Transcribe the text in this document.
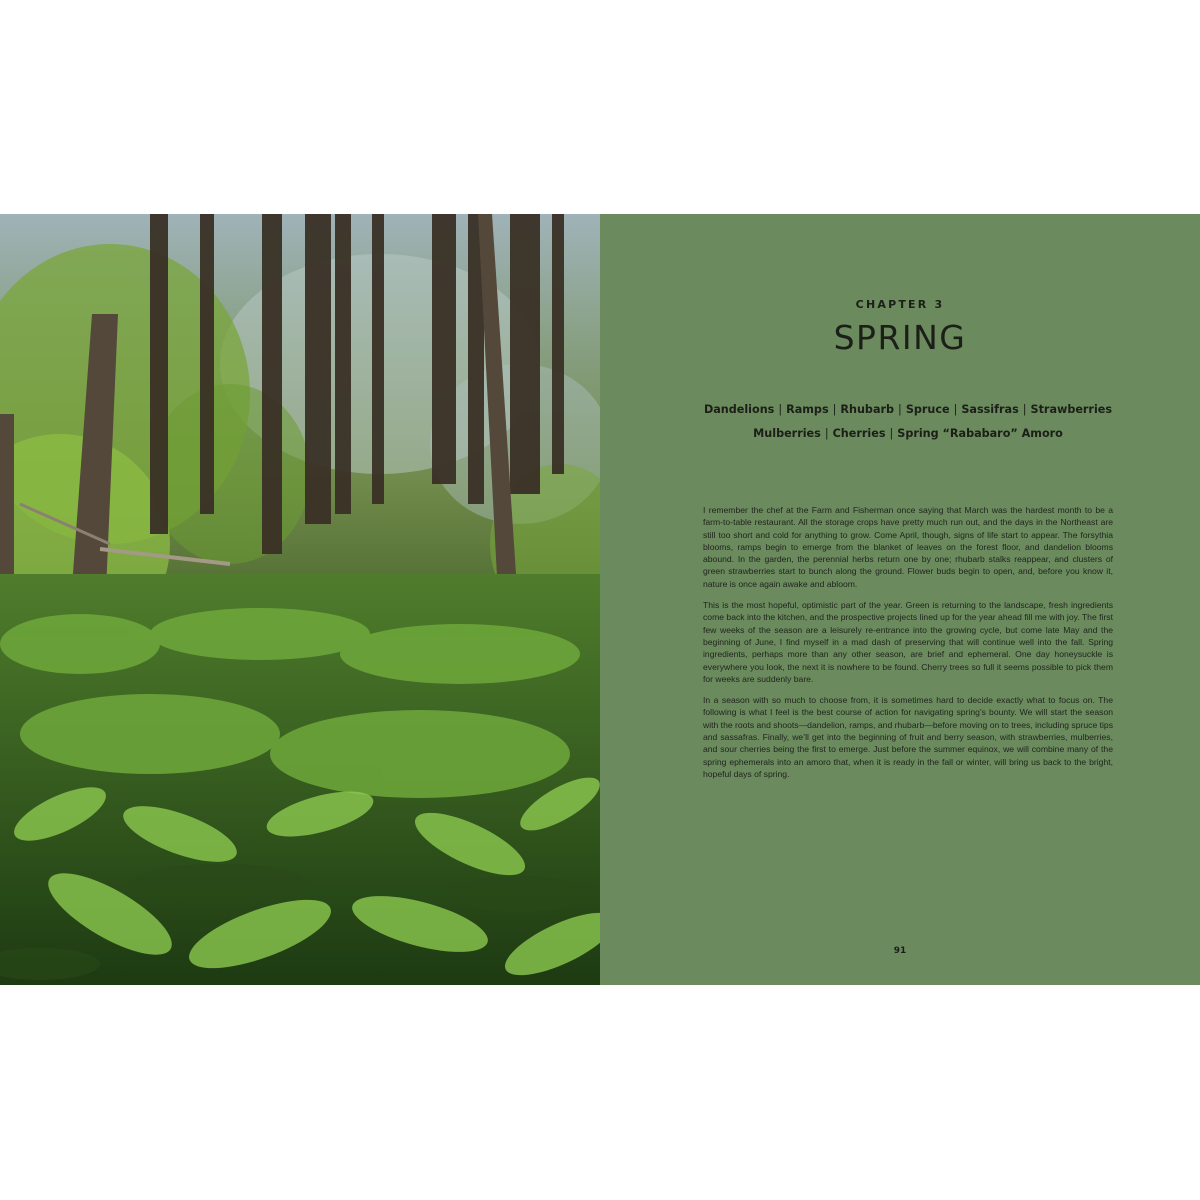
CHAPTER 3
SPRING
Dandelions | Ramps | Rhubarb | Spruce | Sassifras | Strawberries
Mulberries | Cherries | Spring “Rababaro” Amoro

I remember the chef at the Farm and Fisherman once saying that March was the hardest month to be a farm-to-table restaurant. All the storage crops have pretty much run out, and the days in the Northeast are still too short and cold for anything to grow. Come April, though, signs of life start to appear. The forsythia blooms, ramps begin to emerge from the blanket of leaves on the forest floor, and dandelion blooms abound. In the garden, the perennial herbs return one by one; rhubarb stalks reappear, and clusters of green strawberries start to bunch along the ground. Flower buds begin to open, and, before you know it, nature is once again awake and abloom.

This is the most hopeful, optimistic part of the year. Green is returning to the landscape, fresh ingredients come back into the kitchen, and the prospective projects lined up for the year ahead fill me with joy. The first few weeks of the season are a leisurely re-entrance into the growing cycle, but come late May and the beginning of June, I find myself in a mad dash of preserving that will continue well into the fall. Spring ingredients, perhaps more than any other season, are brief and ephemeral. One day honeysuckle is everywhere you look, the next it is nowhere to be found. Cherry trees so full it seems possible to pick them for weeks are suddenly bare.

In a season with so much to choose from, it is sometimes hard to decide exactly what to focus on. The following is what I feel is the best course of action for navigating spring’s bounty. We will start the season with the roots and shoots—dandelion, ramps, and rhubarb—before moving on to trees, including spruce tips and sassafras. Finally, we’ll get into the beginning of fruit and berry season, with strawberries, mulberries, and sour cherries being the first to emerge. Just before the summer equinox, we will combine many of the spring ephemerals into an amoro that, when it is ready in the fall or winter, will bring us back to the bright, hopeful days of spring.

91
